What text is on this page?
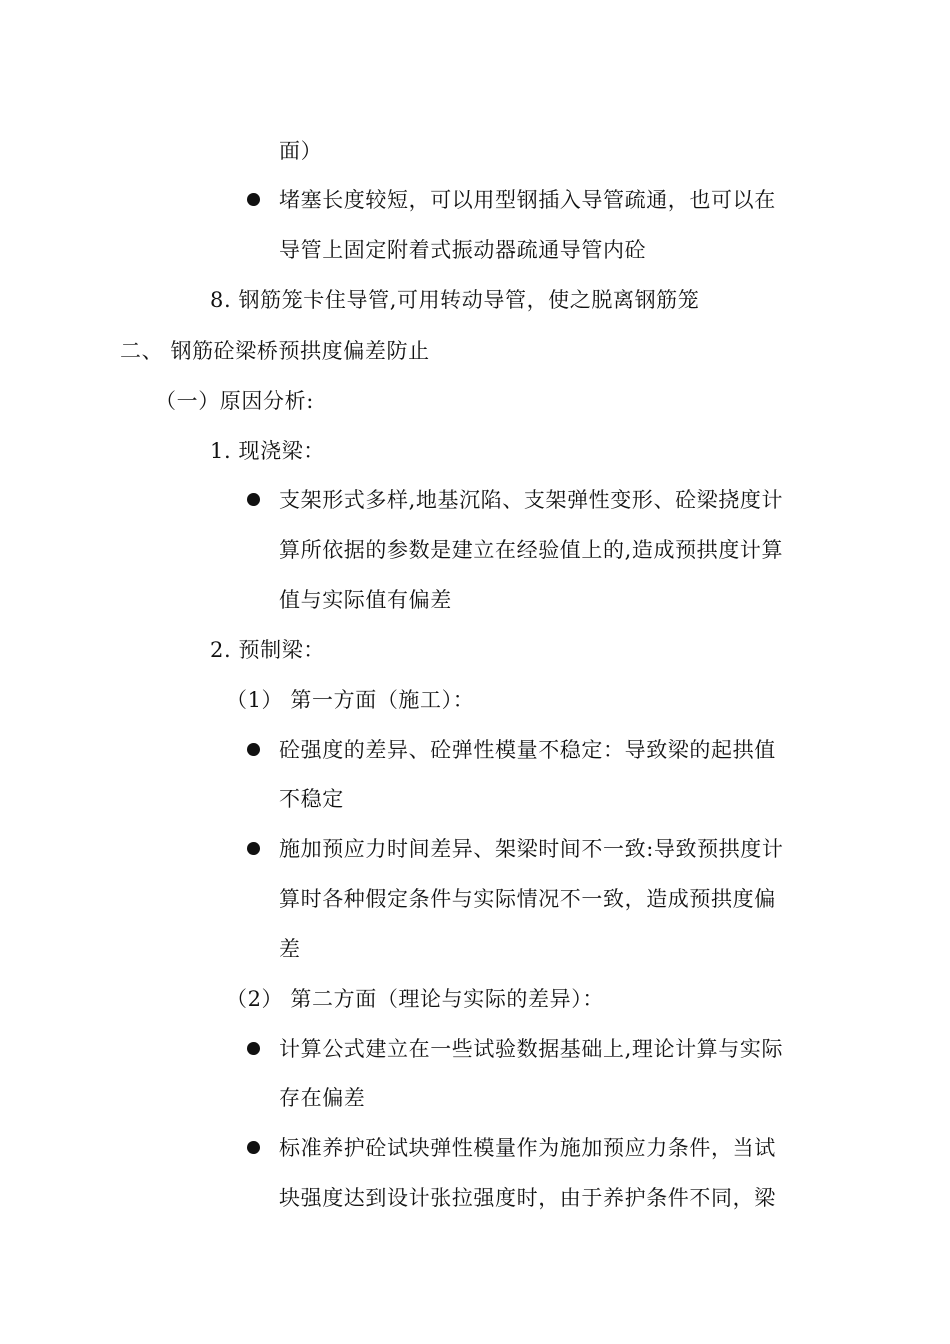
面）
堵塞长度较短，可以用型钢插入导管疏通，也可以在
导管上固定附着式振动器疏通导管内砼
8. 钢筋笼卡住导管,可用转动导管，使之脱离钢筋笼
二、 钢筋砼梁桥预拱度偏差防止
（一）原因分析:
1. 现浇梁：
支架形式多样,地基沉陷、支架弹性变形、砼梁挠度计
算所依据的参数是建立在经验值上的,造成预拱度计算
值与实际值有偏差
2. 预制梁：
（1） 第一方面（施工）：
砼强度的差异、砼弹性模量不稳定：导致梁的起拱值
不稳定
施加预应力时间差异、架梁时间不一致:导致预拱度计
算时各种假定条件与实际情况不一致，造成预拱度偏
差
（2） 第二方面（理论与实际的差异）：
计算公式建立在一些试验数据基础上,理论计算与实际
存在偏差
标准养护砼试块弹性模量作为施加预应力条件，当试
块强度达到设计张拉强度时，由于养护条件不同，梁
